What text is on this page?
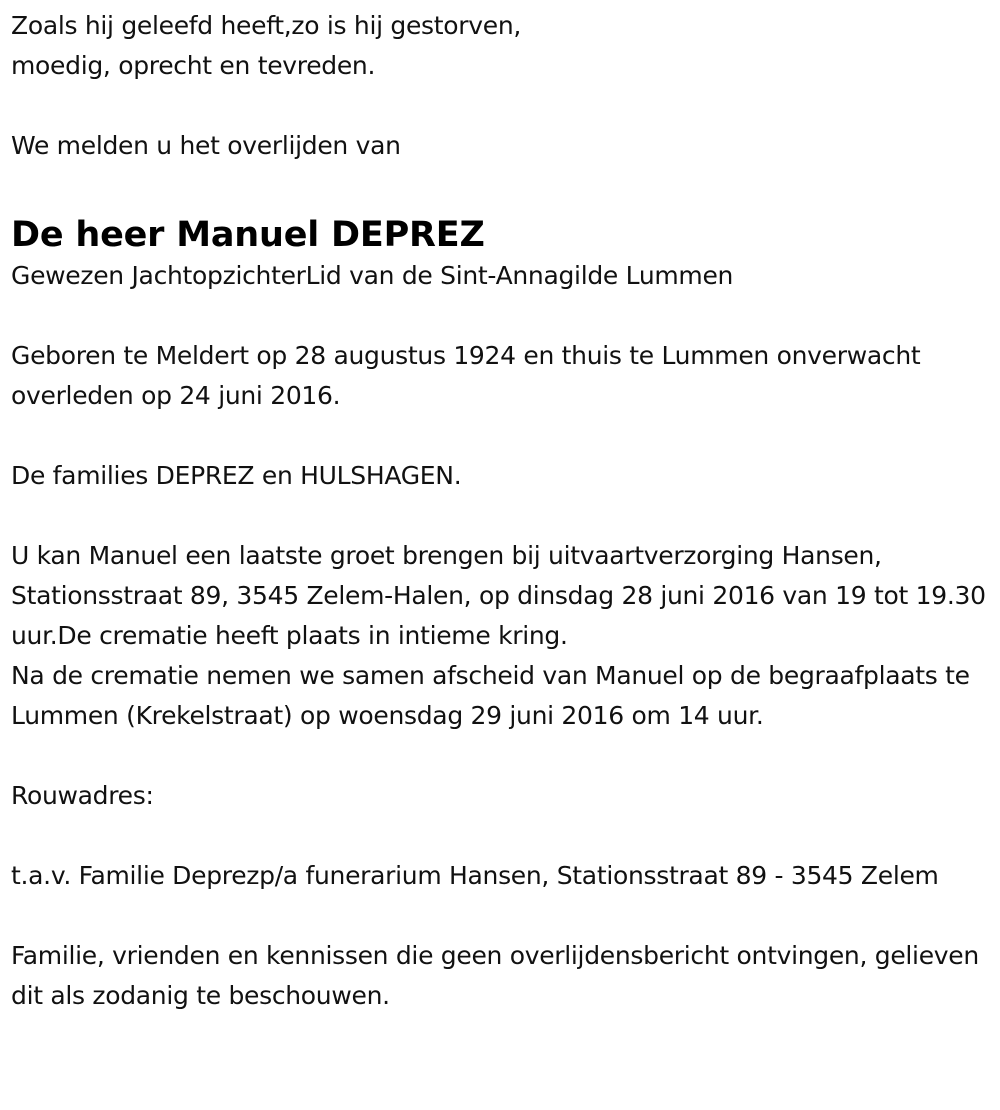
Zoals hij geleefd heeft,zo is hij gestorven,

moedig, oprecht en tevreden.

We melden u het overlijden van

De heer Manuel DEPREZ

Gewezen JachtopzichterLid van de Sint-Annagilde Lummen

Geboren te Meldert op 28 augustus 1924 en thuis te Lummen onverwacht overleden op 24 juni 2016.

De families DEPREZ en HULSHAGEN.

U kan Manuel een laatste groet brengen bij uitvaartverzorging Hansen, Stationsstraat 89, 3545 Zelem-Halen, op dinsdag 28 juni 2016 van 19 tot 19.30 uur.De crematie heeft plaats in intieme kring.

Na de crematie nemen we samen afscheid van Manuel op de begraafplaats te Lummen (Krekelstraat) op woensdag 29 juni 2016 om 14 uur.

Rouwadres:

t.a.v. Familie Deprezp/a funerarium Hansen, Stationsstraat 89 - 3545 Zelem

Familie, vrienden en kennissen die geen overlijdensbericht ontvingen, gelieven dit als zodanig te beschouwen.
